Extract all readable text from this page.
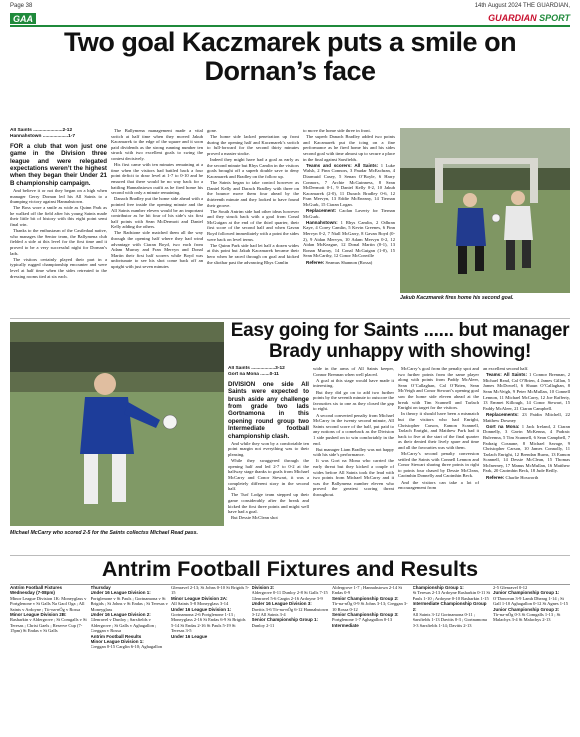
Page 38	14th August 2024 THE GUARDIAN,
GAA	GUARDIAN SPORT
Two goal Kaczmarek puts a smile on Dornan’s face
All Saints ......................2-12
Hannahstown ...................1-7

FOR a club that won just one game in the Division three league and were relegated expectations weren’t the highest when they began their Under 21 B championship campaign.

And believe it or not they began on a high when manager Gerry Dornan led his All Saints to a thumping victory against Hannahstown.

The Boss wore a smile as wide as Quinn Park as he walked off the field after his young Saints made their little bit of history with this eight point semi final win.

Thanks to the enthusiasm of the Castledaal native, who manages the Senior team, the Ballymena club fielded a side at this level for the first time and it proved to be a very successful night for Dornan’s lads.

The visitors certainly played their part in a typically rugged championship encounter and were level at half time when the sides retreated to the dressing rooms tied at six each.

The Ballymena management made a vital switch at half time when they moved Jakub Kaczmarek to the edge of the square and it soon paid dividends as the strong running number ten struck with two excellent goals to swing the contest decisively.

His first came with ten minutes remaining at a time when the visitors had battled back a four point deficit to draw level at 1-7 to 0-10 and he ensured that there would be no way back for a battling Hannahstown outfit as he fired home his second with only a minute remaining.

Danach Bradley put the home side ahead with a pointed free inside the opening minute and the All Saints number eleven would be an important contributor as he hit four of his side’s six first half points with Sean McDermott and Daniel Kelly adding the others.

The Radstone side matched them all the way through the opening half where they had wind advantage with Ciaran Boyd, two each from Adam Murray and Fran Mervyn and Donal Martin their first half scorers while Boyd was unfortunate to see his shot come back off an upright with just seven minutes

gone.

The home side lacked penetration up front during the opening half and Kaczmarek’s switch to full-forward for the second thirty minutes proved a master stroke.

Indeed they might have had a goal as early as the second minute but Rhys Camlin in the visitors goals brought off a superb double save to deny Kaczmarek and Bradley on the follow up.

The Saints began to take control however as Daniel Kelly and Darach Bradley with three on the bounce move them four ahead by the thirteenth minute and they looked to have found their groove.

The South Antrim side had other ideas however and they struck back with a goal from Conal McGuigan at the end of the third quarter, their first score of the second half and when Gavan Boyd followed immediately with a point the sides were back on level terms.

The Quinn Park side had let half a dozen wides at this point but Jakub Kaczmarek became their hero when he raced through on goal and kicked the sliothar past the advancing Rhys Camlin

to move the home side three in front.

The superb Danach Bradley added two points and Kaczmarek put the icing on a fine performance as he fired home his and his sides second goal with time almost up to secure a place in the final against Sarsfields.

Teams and scorers: All Saints: 1 Luke Walsh, 2 Finn Connors, 3 Paudar McEachran, 4 Diarmuid Casey, 5 Senan O’Boyle, 6 Harry Connors, 7 Archie McGuinness, 8 Sean McDermott 0-1, 9 Daniel Kelly 0-2, 10 Jakub Kaczmarek (2-0), 11 Durach Bradley 0-6, 12 Fran Mervyn, 13 Eddie McEneany, 14 Tiernan McGurk, 15 Ciaran Logan.

Replacement: Caolan Laverty for Tiernan McGurk.

Hannahstown: 1 Rhys Camlin, 2 Odhran Kaye, 4 Corey Camlin, 5 Kevin Greenes, 6 Finn Mervyn 0-2, 7 Niall McGarry, 8 Gavan Boyd (0-2), 9 Aidan Mervyn, 10 Adam Mervyn 0-2, 12 Aidan McKeague, 12 Donal Martin (0-1), 13 Ronan Murray, 14 Conal McGuigan (1-0), 15 Sean McCarthy, 12 Conor McConville

Referee: Seamus Shannon (Rossa)

Jakub Kaczmarek fires home his second goal.
Michael McCarry who scored 2-5 for the Saints collectss Michael Read pass.
Easy going for Saints ...... but manager Brady unhappy with showing!
All Saints ..................3-12
Gort na Mona .......0-11

DIVISION one side All Saints were expected to brush aside any challenge from grade two lads Gortnamona in this opening round group two Intermediate football championship clash.

And while they won by a comfortable ten point margin not everything was to their pleasing.

While they swaggered through the opening half and led 2-7 to 0-2 at the halfway stage thanks to goals from Michael McCarry and Conor Stewart, it was a completely different story in the second half.

The Turf Lodge team stepped up their game considerably after the break and kicked the first three points and might well have had a goal.

But Dessie McClean shot

wide in the arms of All Saints keeper, Connor Brennan when well placed.

A goal at this stage would have made it interesting.

But they did go on to add two further points by the seventh minute to outscore the favourites six to one as they closed the gap to eight.

A second converted penalty from Michael McCarry in the twenty second minute, All Saints second score of the half, put paid to any notions of a comeback as the Division 1 side pushed on to win comfortably in the end.

But manager Liam Bradley was not happy with his side’s performance.

It was Gort na Mona who carried the early threat but they kicked a couple of wides before All Saints took the lead with two points from Michael McCarry and it was the Ballymena number eleven who proved the greatest scoring threat throughout.

McCarry’s goal from the penalty spot and two further points from the same player along with points from Paddy McAleer, Sean O’Callaghan, Cal O’Brien, Sean McVeigh and Conor Stewart’s opening goal saw the home side eleven ahead at the break with Tim Scannell and Tarlach Enright on target for the visitors.

In theory it should have been a mismatch but the visitors who had Enright, Christopher Carson, Eamon Scannell, Tarlach Enright, and Matthew Park had it back to five at the start of the final quarter as their denied their lively spare and time and all the favourites was with them.

McCarry’s second penalty conversion settled the Saints with Connell Lennon and Conor Stewart sharing three points in right to points four chased by Dessie McClean, Caoimhin Donnelly and Caoimhin Beck.

And the visitors can take a lot of encouragement from

an excellent second half.

Teams: All Saints: 1 Connor Brennan, 2 Michael Read, Cal O’Brien, 4 James Gillan, 5 James McDowell, 6 Shaun O’Callaghan, 8 Sean McVeigh, 9 Peter McMullan, 10 Connell Lennon, 11 Michael McCarry, 12 Joe Rafferty, 13 Emmet Killough, 14 Conor Stewart, 15 Paddy McAleer, 21 Ciaran Campbell.

Replacements: 23 Paidin Mitchell, 22 Matthew Downey

Gort na Mona: 1 Jack Ireland, 2 Ciaran Donnelly, 3 Gavin McKenna, 4 Padraic Bulvenna, 5 Tim Scannell, 6 Sean Campbell, 7 Padraig Cosnane, 8 Michael Savage, 9 Christopher Carson, 10 James Connolly, 11 Tarlach Enright, 12 Brendan Burns, 13 Eamon Scannell, 14 Dessie McClean, 15 Thomas McInerney, 17 Manus McMullan, 16 Matthew Park, 20 Caoimhin Beck, 18 Jude Reilly.

Referee: Charlie Hosworth

Antrim Football Fixtures and Results
Antrim Football Fixtures
Wednesday (7-08pm)
Minor League Division 1K: Moneyglass v Portglenone v St Galls Na Gaol Oga ; All Saints v Ardoyne ; Tír-na-nÓg v Rossa
Minor League Division 2B:
Rasharkin v Aldergrove ; St Comgalls v St Teresas ; Christ Gaels ; Reserve Cup (7-15pm) St Endas v St Galls
Thursday
Under 16 League Division 1:
Portglenone v St Pauls ; Gortnamona v St Brigids ; St Johns v St Endas ; St Teresas v Moneyglass
Under 16 League Division 2:
Glenravel v Dunloy ; Sarsfields v Aldergrove ; St Galls v Aghagallon ; Creggan v Rossa
Antrim Football Results
Minor League Division 1:
Creggan 0-15 Carglin 6-10; Aghagallon
Glenravel 2-13; St Johns 0-10 St Brigids 5-15
Minor League Division 2A:
All Saints 5-8 Moneyglass 3-14
Under 16 League Division 1:
Gortnamona 2-6 Portglenone 1-13 ; Moneyglass 2-16 St Endas 6-9 St Brigids 5-14 St Endas 2-16 St Pauls 5-19 St Teresas 3-5
Under 16 League
Division 2:
Aldergrove 0-11 Dunloy 2-8 St Galls 7-15 Glenravel 5-6 Cargin 2-16 Ardoyne 3-9
Under 16 League Division 3:
Davitts 3-6 Tír-na-nÓg 6-12 Hannahstown 0-12 All Saints 3-4
Senior Championship Group 1:
Dunloy 2-11
Aldergrove 1-7 ; Hannahstown 2-14 St Endas 0-9
Senior Championship Group 2:
Tír-na-nÓg 0-9 St Johns 3-13; Creggan 3-10 Rossa 0-12
Senior Championship Group 3:
Portglenone 1-7 Aghagallon 0-13
Intermediate
Championship Group 1:
St Teresas 2-13 Ardoyne Rasharkin 0-11 St Pauls 1-10 ; Ardoyne 0-10 Rasharkin 1-15
Intermediate Championship Group 2:
All Saints 3-12 Gortnamona 0-11 ; Sarsfields 1-13 Davitts 0-3 ; Gortnamona 0-3 Sarsfields 1-14; Davitts 2-13
2-5 Glenravel 0-12
Junior Championship Group 1:
O’Donovan 3-9 Lamh Dhearg 1-14 ; St Gall 1-10 Aghagallon 0-12 St Agnes 1-15
Junior Championship Group 2:
Tír-na-nÓg 0-3 St Comgalls 1-13 ; St Malachys 3-4 St Malachys 2-13
